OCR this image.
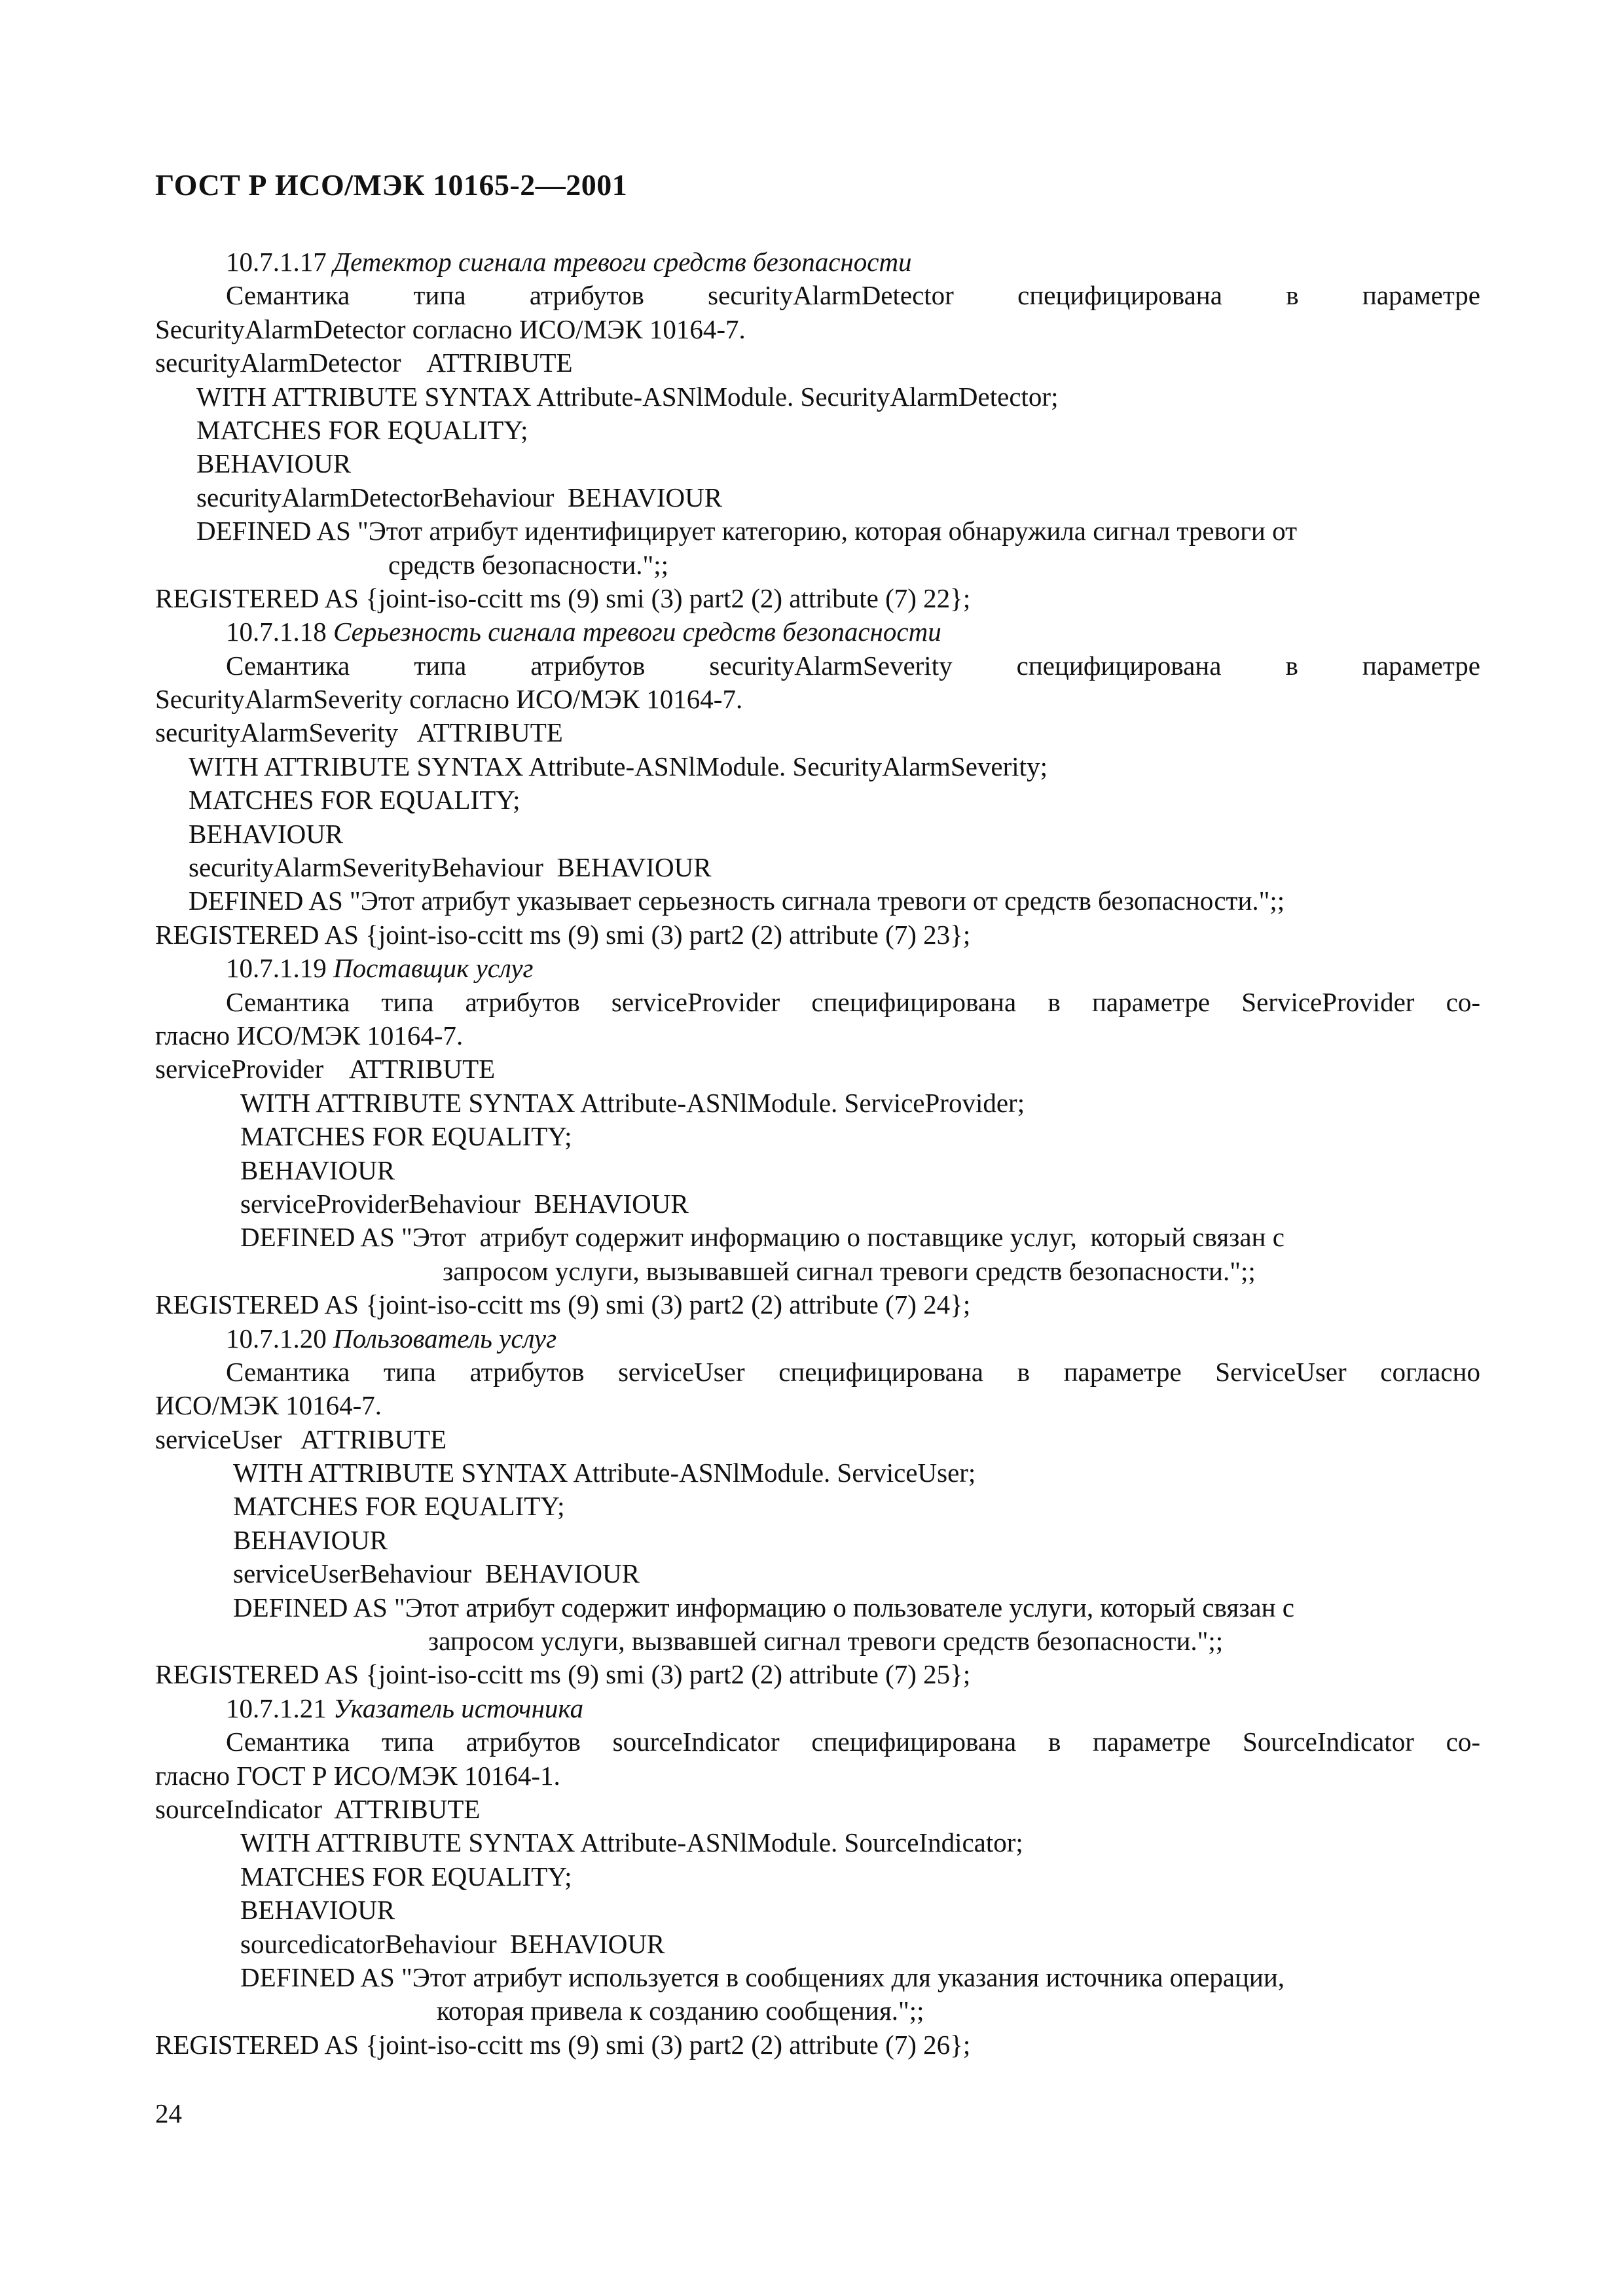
ГОСТ Р ИСО/МЭК 10165-2—2001
10.7.1.17 Детектор сигнала тревоги средств безопасности
Семантика типа атрибутов securityAlarmDetector специфицирована в параметре
SecurityAlarmDetector согласно ИСО/МЭК 10164-7.
securityAlarmDetector    ATTRIBUTE
WITH ATTRIBUTE SYNTAX Attribute-ASNlModule. SecurityAlarmDetector;
MATCHES FOR EQUALITY;
BEHAVIOUR
securityAlarmDetectorBehaviour  BEHAVIOUR
DEFINED AS "Этот атрибут идентифицирует категорию, которая обнаружила сигнал тревоги от
средств безопасности.";;
REGISTERED AS {joint-iso-ccitt ms (9) smi (3) part2 (2) attribute (7) 22};
10.7.1.18 Серьезность сигнала тревоги средств безопасности
Семантика типа атрибутов securityAlarmSeverity специфицирована в параметре
SecurityAlarmSeverity согласно ИСО/МЭК 10164-7.
securityAlarmSeverity   ATTRIBUTE
WITH ATTRIBUTE SYNTAX Attribute-ASNlModule. SecurityAlarmSeverity;
MATCHES FOR EQUALITY;
BEHAVIOUR
securityAlarmSeverityBehaviour  BEHAVIOUR
DEFINED AS "Этот атрибут указывает серьезность сигнала тревоги от средств безопасности.";;
REGISTERED AS {joint-iso-ccitt ms (9) smi (3) part2 (2) attribute (7) 23};
10.7.1.19 Поставщик услуг
Семантика типа атрибутов serviceProvider специфицирована в параметре ServiceProvider со-
гласно ИСО/МЭК 10164-7.
serviceProvider    ATTRIBUTE
WITH ATTRIBUTE SYNTAX Attribute-ASNlModule. ServiceProvider;
MATCHES FOR EQUALITY;
BEHAVIOUR
serviceProviderBehaviour  BEHAVIOUR
DEFINED AS "Этот  атрибут содержит информацию о поставщике услуг,  который связан с
запросом услуги, вызывавшей сигнал тревоги средств безопасности.";;
REGISTERED AS {joint-iso-ccitt ms (9) smi (3) part2 (2) attribute (7) 24};
10.7.1.20 Пользователь услуг
Семантика типа атрибутов serviceUser специфицирована в параметре ServiceUser согласно
ИСО/МЭК 10164-7.
serviceUser   ATTRIBUTE
WITH ATTRIBUTE SYNTAX Attribute-ASNlModule. ServiceUser;
MATCHES FOR EQUALITY;
BEHAVIOUR
serviceUserBehaviour  BEHAVIOUR
DEFINED AS "Этот атрибут содержит информацию о пользователе услуги, который связан с
запросом услуги, вызвавшей сигнал тревоги средств безопасности.";;
REGISTERED AS {joint-iso-ccitt ms (9) smi (3) part2 (2) attribute (7) 25};
10.7.1.21 Указатель источника
Семантика типа атрибутов sourceIndicator специфицирована в параметре SourceIndicator со-
гласно ГОСТ Р ИСО/МЭК 10164-1.
sourceIndicator  ATTRIBUTE
WITH ATTRIBUTE SYNTAX Attribute-ASNlModule. SourceIndicator;
MATCHES FOR EQUALITY;
BEHAVIOUR
sourcedicatorBehaviour  BEHAVIOUR
DEFINED AS "Этот атрибут используется в сообщениях для указания источника операции,
которая привела к созданию сообщения.";;
REGISTERED AS {joint-iso-ccitt ms (9) smi (3) part2 (2) attribute (7) 26};
24
